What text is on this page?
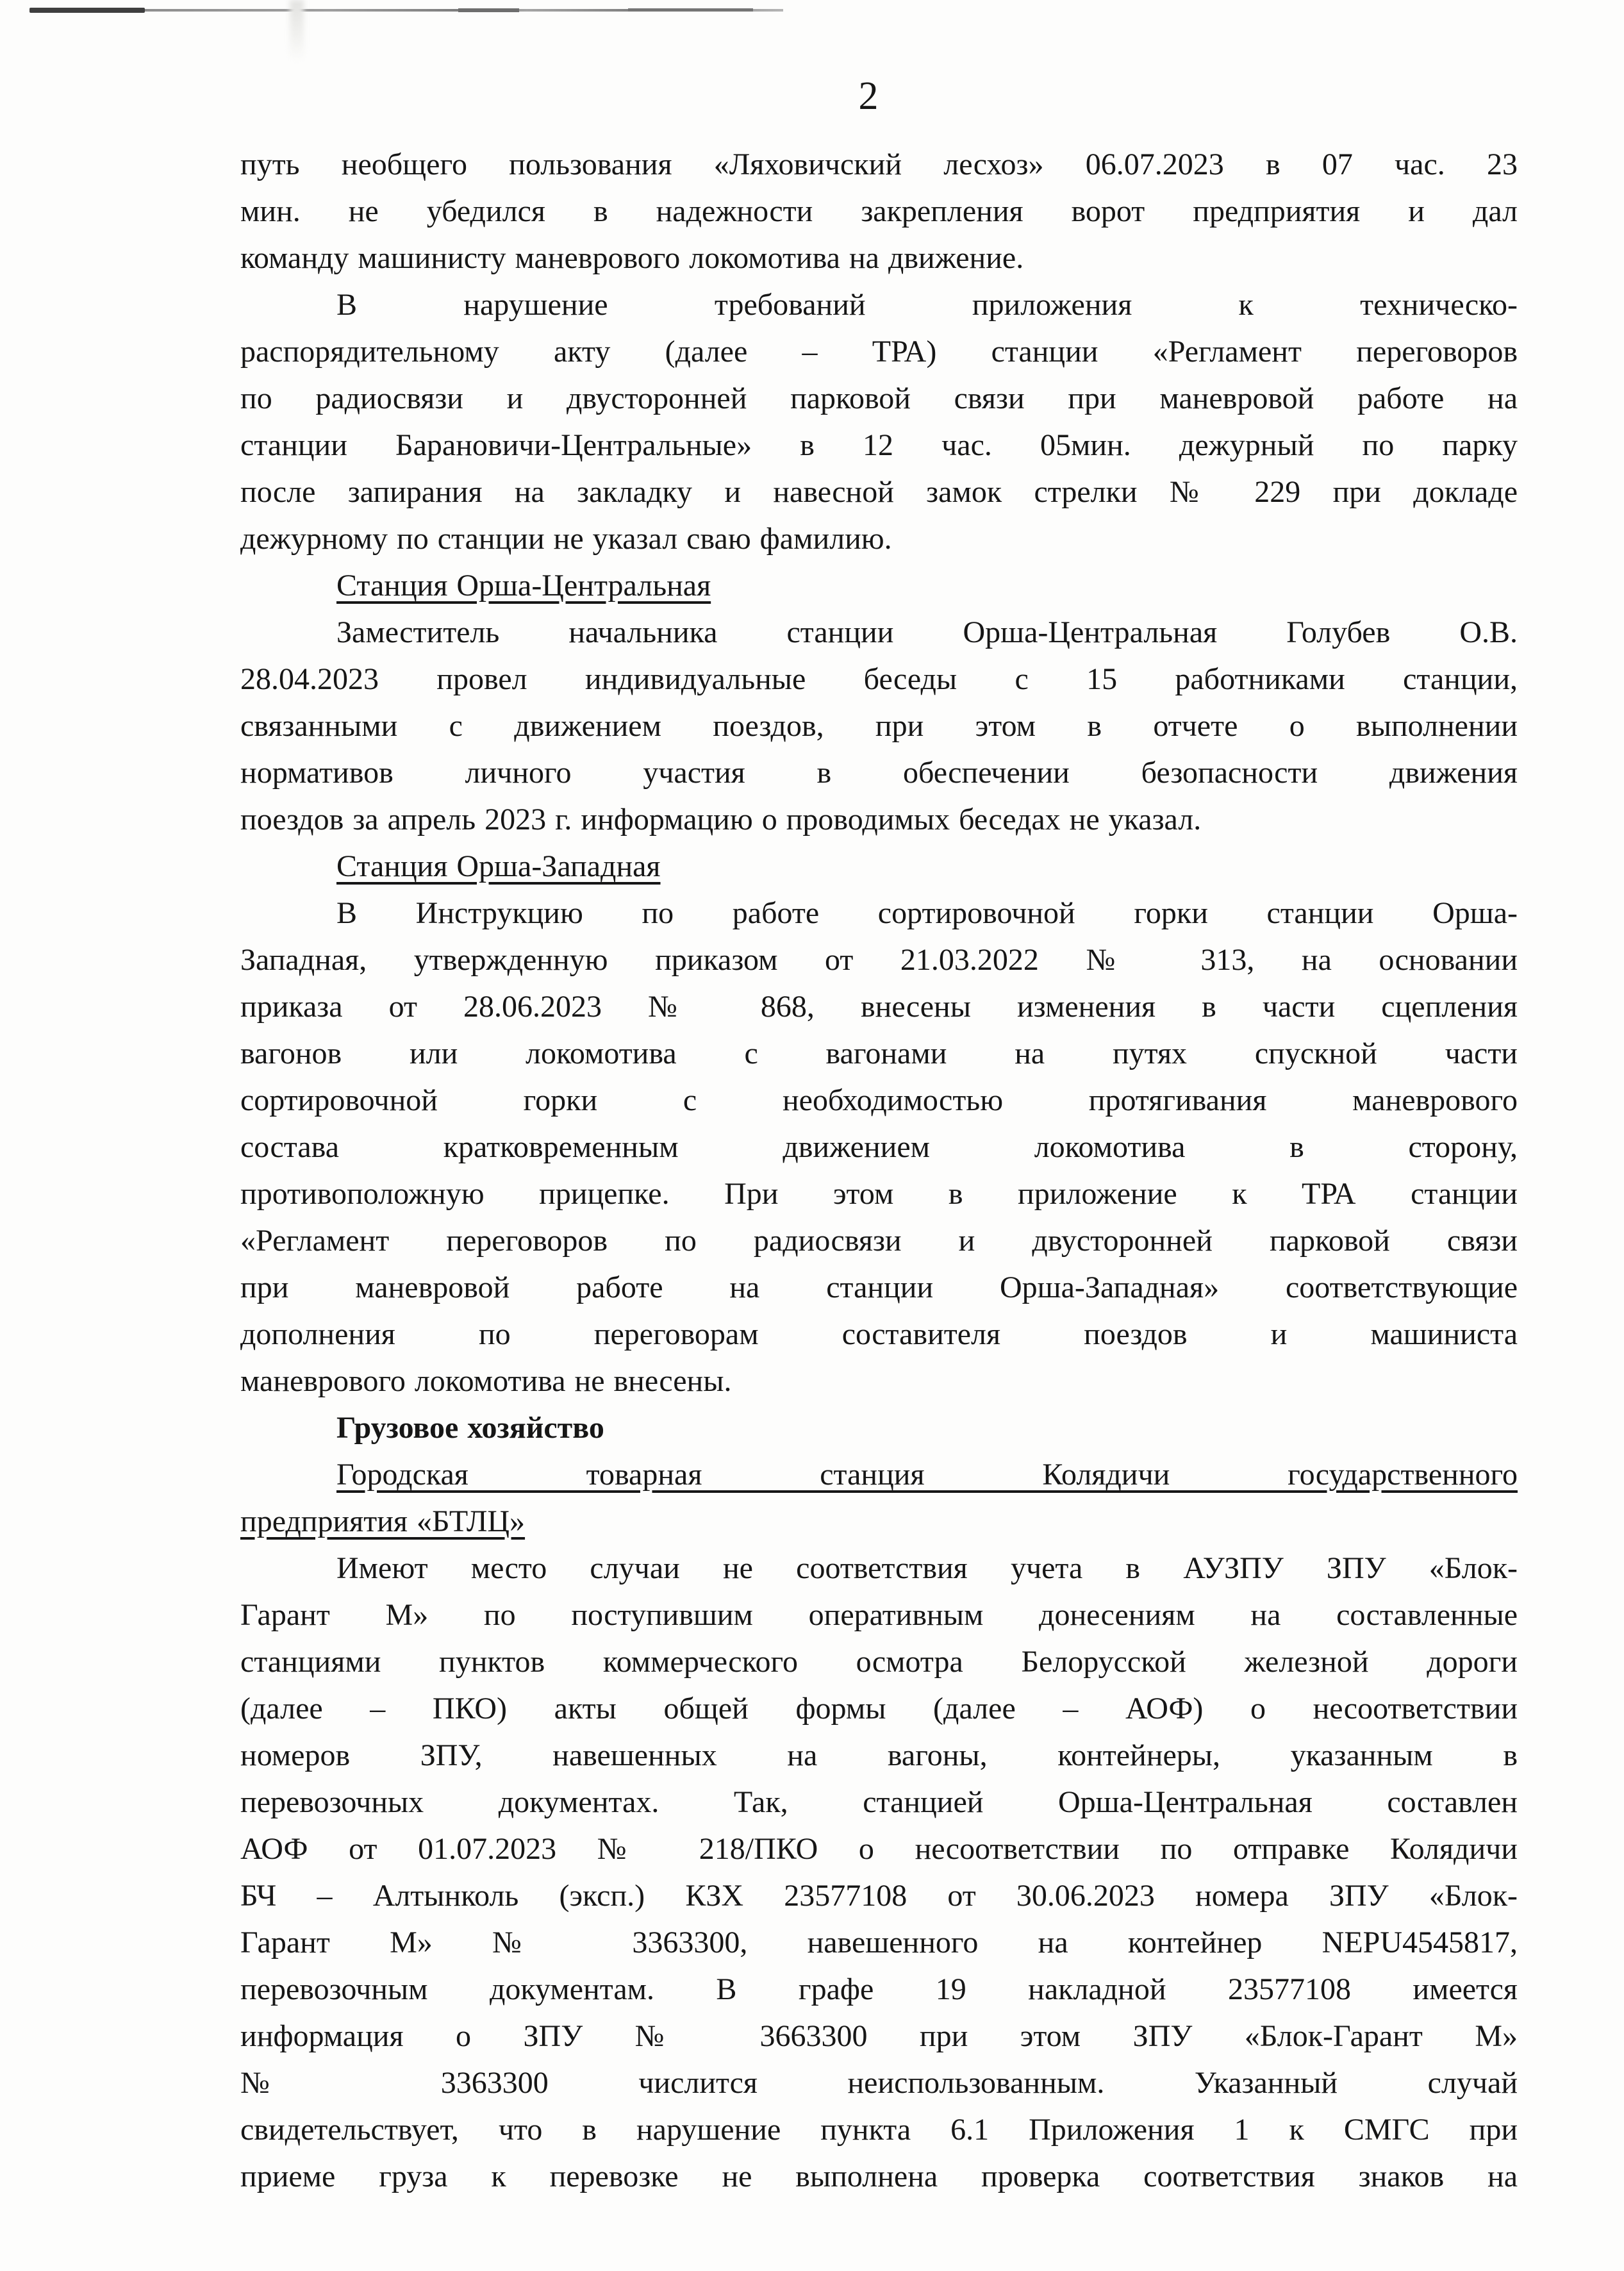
2
путь необщего пользования «Ляховичский лесхоз» 06.07.2023 в 07 час. 23
мин. не убедился в надежности закрепления ворот предприятия и дал
команду машинисту маневрового локомотива на движение.
В нарушение требований приложения к техническо-
распорядительному акту (далее – ТРА) станции «Регламент переговоров
по радиосвязи и двусторонней парковой связи при маневровой работе на
станции Барановичи-Центральные» в 12 час. 05мин. дежурный по парку
после запирания на закладку и навесной замок стрелки № 229 при докладе
дежурному по станции не указал сваю фамилию.
Станция Орша-Центральная
Заместитель начальника станции Орша-Центральная Голубев О.В.
28.04.2023 провел индивидуальные беседы с 15 работниками станции,
связанными с движением поездов, при этом в отчете о выполнении
нормативов личного участия в обеспечении безопасности движения
поездов за апрель 2023 г. информацию о проводимых беседах не указал.
Станция Орша-Западная
В Инструкцию по работе сортировочной горки станции Орша-
Западная, утвержденную приказом от 21.03.2022 № 313, на основании
приказа от 28.06.2023 № 868, внесены изменения в части сцепления
вагонов или локомотива с вагонами на путях спускной части
сортировочной горки с необходимостью протягивания маневрового
состава кратковременным движением локомотива в сторону,
противоположную прицепке. При этом в приложение к ТРА станции
«Регламент переговоров по радиосвязи и двусторонней парковой связи
при маневровой работе на станции Орша-Западная» соответствующие
дополнения по переговорам составителя поездов и машиниста
маневрового локомотива не внесены.
Грузовое хозяйство
Городская товарная станция Колядичи государственного
предприятия «БТЛЦ»
Имеют место случаи не соответствия учета в АУЗПУ ЗПУ «Блок-
Гарант М» по поступившим оперативным донесениям на составленные
станциями пунктов коммерческого осмотра Белорусской железной дороги
(далее – ПКО) акты общей формы (далее – АОФ) о несоответствии
номеров ЗПУ, навешенных на вагоны, контейнеры, указанным в
перевозочных документах. Так, станцией Орша-Центральная составлен
АОФ от 01.07.2023 № 218/ПКО о несоответствии по отправке Колядичи
БЧ – Алтынколь (эксп.) КЗХ 23577108 от 30.06.2023 номера ЗПУ «Блок-
Гарант М» № 3363300, навешенного на контейнер NEPU4545817,
перевозочным документам. В графе 19 накладной 23577108 имеется
информация о ЗПУ № 3663300 при этом ЗПУ «Блок-Гарант М»
№ 3363300 числится неиспользованным. Указанный случай
свидетельствует, что в нарушение пункта 6.1 Приложения 1 к СМГС при
приеме груза к перевозке не выполнена проверка соответствия знаков на
